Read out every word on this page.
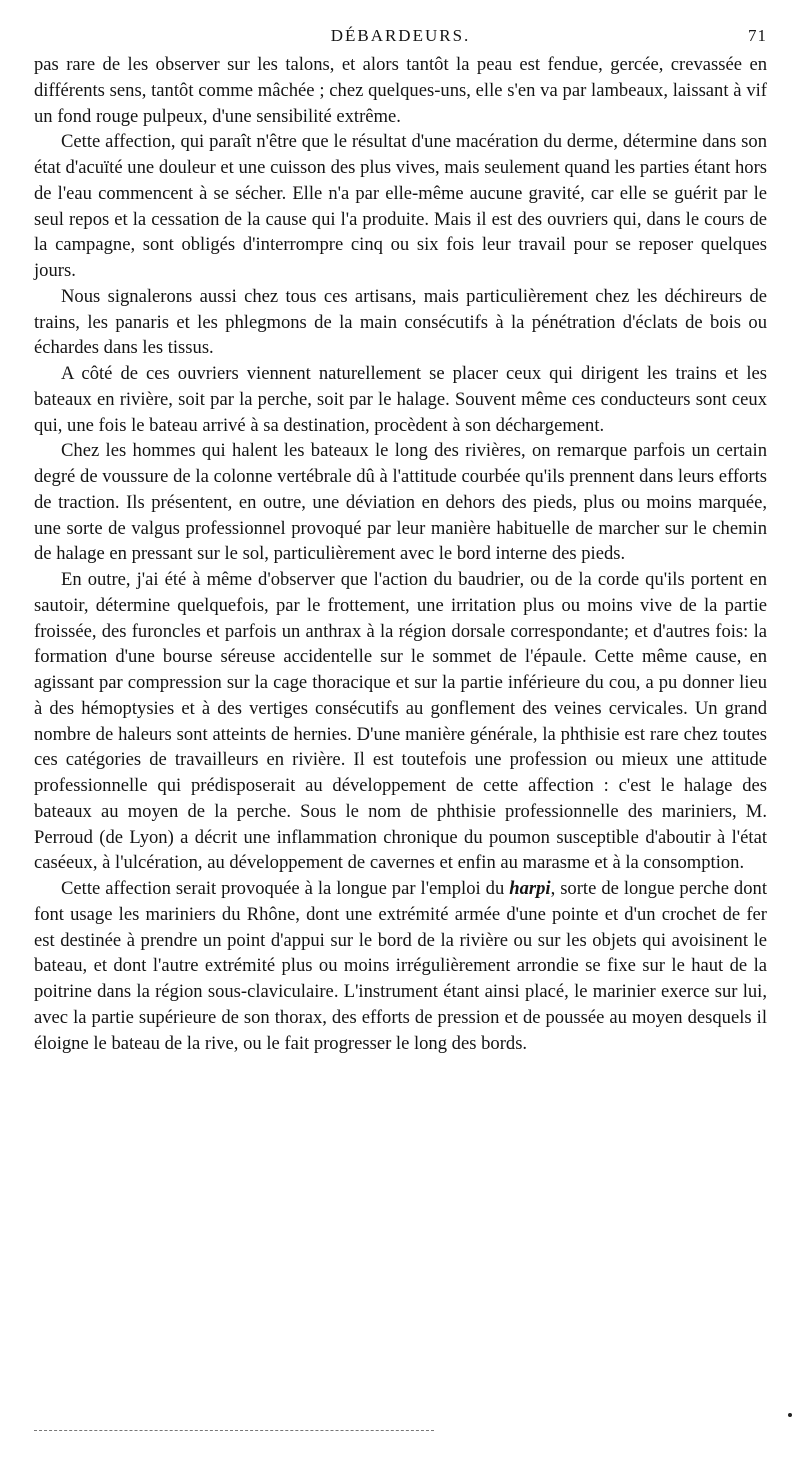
DÉBARDEURS.	71

pas rare de les observer sur les talons, et alors tantôt la peau est fendue, gercée, crevassée en différents sens, tantôt comme mâchée ; chez quelques-uns, elle s'en va par lambeaux, laissant à vif un fond rouge pulpeux, d'une sensibilité extrême.

Cette affection, qui paraît n'être que le résultat d'une macération du derme, détermine dans son état d'acuïté une douleur et une cuisson des plus vives, mais seulement quand les parties étant hors de l'eau commencent à se sécher. Elle n'a par elle-même aucune gravité, car elle se guérit par le seul repos et la cessation de la cause qui l'a produite. Mais il est des ouvriers qui, dans le cours de la campagne, sont obligés d'interrompre cinq ou six fois leur travail pour se reposer quelques jours.

Nous signalerons aussi chez tous ces artisans, mais particulièrement chez les déchireurs de trains, les panaris et les phlegmons de la main consécutifs à la pénétration d'éclats de bois ou échardes dans les tissus.

A côté de ces ouvriers viennent naturellement se placer ceux qui dirigent les trains et les bateaux en rivière, soit par la perche, soit par le halage. Souvent même ces conducteurs sont ceux qui, une fois le bateau arrivé à sa destination, procèdent à son déchargement.

Chez les hommes qui halent les bateaux le long des rivières, on remarque parfois un certain degré de voussure de la colonne vertébrale dû à l'attitude courbée qu'ils prennent dans leurs efforts de traction. Ils présentent, en outre, une déviation en dehors des pieds, plus ou moins marquée, une sorte de valgus professionnel provoqué par leur manière habituelle de marcher sur le chemin de halage en pressant sur le sol, particulièrement avec le bord interne des pieds.

En outre, j'ai été à même d'observer que l'action du baudrier, ou de la corde qu'ils portent en sautoir, détermine quelquefois, par le frottement, une irritation plus ou moins vive de la partie froissée, des furoncles et parfois un anthrax à la région dorsale correspondante; et d'autres fois: la formation d'une bourse séreuse accidentelle sur le sommet de l'épaule. Cette même cause, en agissant par compression sur la cage thoracique et sur la partie inférieure du cou, a pu donner lieu à des hémoptysies et à des vertiges consécutifs au gonflement des veines cervicales. Un grand nombre de haleurs sont atteints de hernies. D'une manière générale, la phthisie est rare chez toutes ces catégories de travailleurs en rivière. Il est toutefois une profession ou mieux une attitude professionnelle qui prédisposerait au développement de cette affection : c'est le halage des bateaux au moyen de la perche. Sous le nom de phthisie professionnelle des mariniers, M. Perroud (de Lyon) a décrit une inflammation chronique du poumon susceptible d'aboutir à l'état caséeux, à l'ulcération, au développement de cavernes et enfin au marasme et à la consomption.

Cette affection serait provoquée à la longue par l'emploi du harpi, sorte de longue perche dont font usage les mariniers du Rhône, dont une extrémité armée d'une pointe et d'un crochet de fer est destinée à prendre un point d'appui sur le bord de la rivière ou sur les objets qui avoisinent le bateau, et dont l'autre extrémité plus ou moins irrégulièrement arrondie se fixe sur le haut de la poitrine dans la région sous-claviculaire. L'instrument étant ainsi placé, le marinier exerce sur lui, avec la partie supérieure de son thorax, des efforts de pression et de poussée au moyen desquels il éloigne le bateau de la rive, ou le fait progresser le long des bords.
